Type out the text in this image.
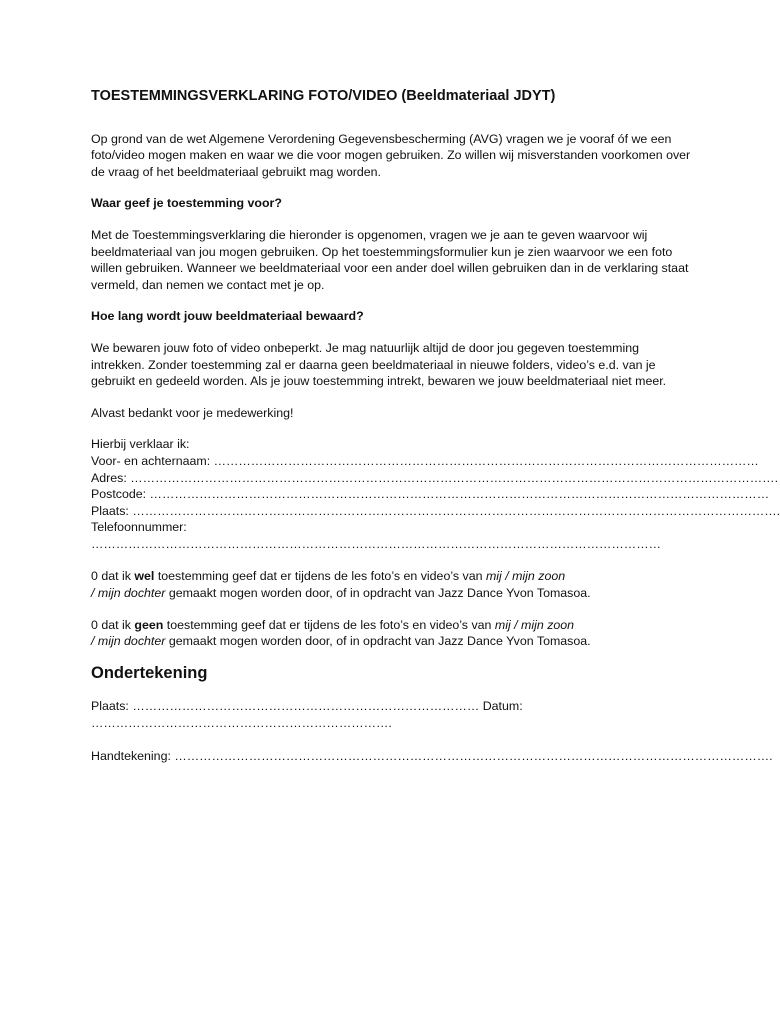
TOESTEMMINGSVERKLARING FOTO/VIDEO (Beeldmateriaal JDYT)

Op grond van de wet Algemene Verordening Gegevensbescherming (AVG) vragen we je vooraf óf we een foto/video mogen maken en waar we die voor mogen gebruiken. Zo willen wij misverstanden voorkomen over de vraag of het beeldmateriaal gebruikt mag worden.

Waar geef je toestemming voor?

Met de Toestemmingsverklaring die hieronder is opgenomen, vragen we je aan te geven waarvoor wij beeldmateriaal van jou mogen gebruiken. Op het toestemmingsformulier kun je zien waarvoor we een foto willen gebruiken. Wanneer we beeldmateriaal voor een ander doel willen gebruiken dan in de verklaring staat vermeld, dan nemen we contact met je op.

Hoe lang wordt jouw beeldmateriaal bewaard?

We bewaren jouw foto of video onbeperkt. Je mag natuurlijk altijd de door jou gegeven toestemming intrekken. Zonder toestemming zal er daarna geen beeldmateriaal in nieuwe folders, video’s e.d. van je gebruikt en gedeeld worden. Als je jouw toestemming intrekt, bewaren we jouw beeldmateriaal niet meer.

Alvast bedankt voor je medewerking!

Hierbij verklaar ik:

Voor- en achternaam: ……………………………………………………………………………………………………………………

Adres: ………………………………………………………………………………………………………………………………………….

Postcode: ……………………………………………………………………………………………………………………………………

Plaats: ………………………………………………………………………………………………………………………………………….

Telefoonnummer:

…………………………………………………………………………………………………………………………

0 dat ik wel toestemming geef dat er tijdens de les foto’s en video’s van mij / mijn zoon
/ mijn dochter gemaakt mogen worden door, of in opdracht van Jazz Dance Yvon Tomasoa.
0 dat ik geen toestemming geef dat er tijdens de les foto’s en video’s van mij / mijn zoon
/ mijn dochter gemaakt mogen worden door, of in opdracht van Jazz Dance Yvon Tomasoa.
Ondertekening

Plaats: ………………………………………………………………………… Datum:

……………………………………………………………….

Handtekening: ……………………………………………………………………………………………………………………………….
